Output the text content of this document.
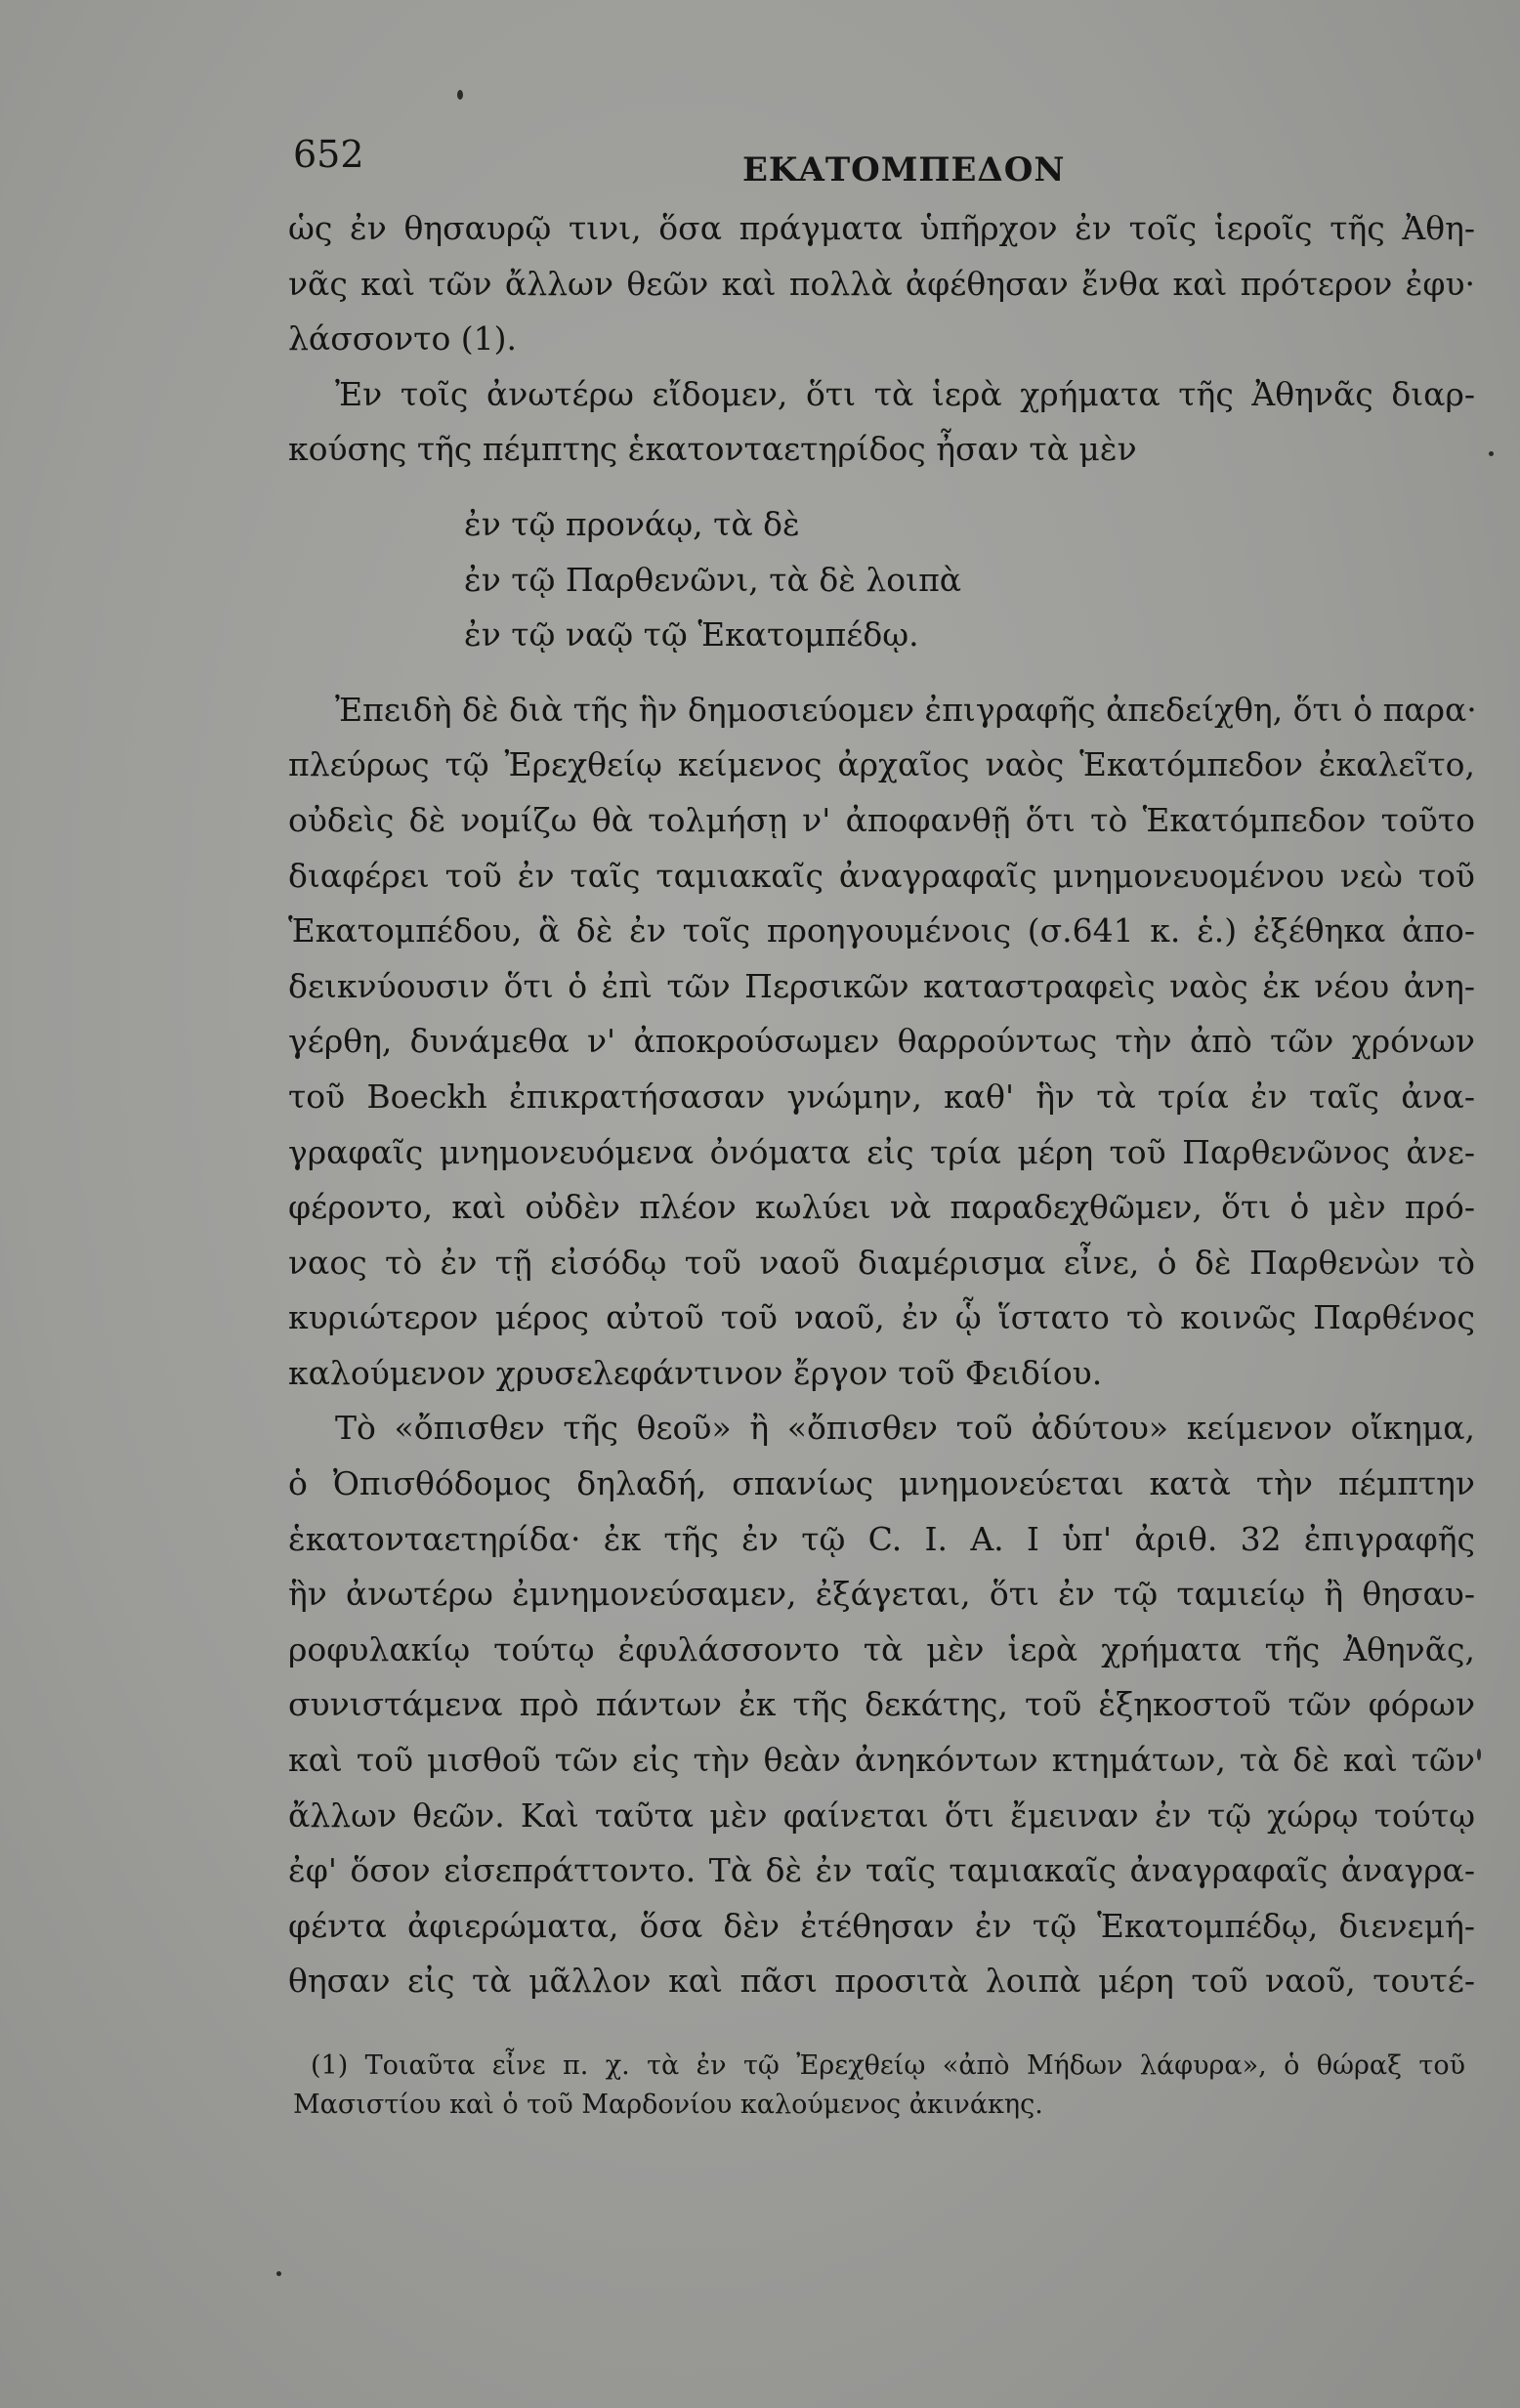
652	ΕΚΑΤΟΜΠΕΔΟΝ
ὡς ἐν θησαυρῷ τινι, ὅσα πράγματα ὑπῆρχον ἐν τοῖς ἱεροῖς τῆς Ἀθη-
νᾶς καὶ τῶν ἄλλων θεῶν καὶ πολλὰ ἀφέθησαν ἔνθα καὶ πρότερον ἐφυ·
λάσσοντο (1).
Ἐν τοῖς ἀνωτέρω εἴδομεν, ὅτι τὰ ἱερὰ χρήματα τῆς Ἀθηνᾶς διαρ-
κούσης τῆς πέμπτης ἑκατονταετηρίδος ἦσαν τὰ μὲν
ἐν τῷ προνάῳ, τὰ δὲ
ἐν τῷ Παρθενῶνι, τὰ δὲ λοιπὰ
ἐν τῷ ναῷ τῷ Ἑκατομπέδῳ.
Ἐπειδὴ δὲ διὰ τῆς ἣν δημοσιεύομεν ἐπιγραφῆς ἀπεδείχθη, ὅτι ὁ παρα·
πλεύρως τῷ Ἐρεχθείῳ κείμενος ἀρχαῖος ναὸς Ἑκατόμπεδον ἐκαλεῖτο,
οὐδεὶς δὲ νομίζω θὰ τολμήσῃ ν' ἀποφανθῇ ὅτι τὸ Ἑκατόμπεδον τοῦτο
διαφέρει τοῦ ἐν ταῖς ταμιακαῖς ἀναγραφαῖς μνημονευομένου νεὼ τοῦ
Ἑκατομπέδου, ἃ δὲ ἐν τοῖς προηγουμένοις (σ.641 κ. ἑ.) ἐξέθηκα ἀπο-
δεικνύουσιν ὅτι ὁ ἐπὶ τῶν Περσικῶν καταστραφεὶς ναὸς ἐκ νέου ἀνη-
γέρθη, δυνάμεθα ν' ἀποκρούσωμεν θαρρούντως τὴν ἀπὸ τῶν χρόνων
τοῦ Boeckh ἐπικρατήσασαν γνώμην, καθ' ἣν τὰ τρία ἐν ταῖς ἀνα-
γραφαῖς μνημονευόμενα ὀνόματα εἰς τρία μέρη τοῦ Παρθενῶνος ἀνε-
φέροντο, καὶ οὐδὲν πλέον κωλύει νὰ παραδεχθῶμεν, ὅτι ὁ μὲν πρό-
ναος τὸ ἐν τῇ εἰσόδῳ τοῦ ναοῦ διαμέρισμα εἶνε, ὁ δὲ Παρθενὼν τὸ
κυριώτερον μέρος αὐτοῦ τοῦ ναοῦ, ἐν ᾧ ἵστατο τὸ κοινῶς Παρθένος
καλούμενον χρυσελεφάντινον ἔργον τοῦ Φειδίου.
Τὸ «ὄπισθεν τῆς θεοῦ» ἢ «ὄπισθεν τοῦ ἀδύτου» κείμενον οἴκημα,
ὁ Ὀπισθόδομος δηλαδή, σπανίως μνημονεύεται κατὰ τὴν πέμπτην
ἑκατονταετηρίδα· ἐκ τῆς ἐν τῷ C. I. A. I ὑπ' ἀριθ. 32 ἐπιγραφῆς
ἣν ἀνωτέρω ἐμνημονεύσαμεν, ἐξάγεται, ὅτι ἐν τῷ ταμιείῳ ἢ θησαυ-
ροφυλακίῳ τούτῳ ἐφυλάσσοντο τὰ μὲν ἱερὰ χρήματα τῆς Ἀθηνᾶς,
συνιστάμενα πρὸ πάντων ἐκ τῆς δεκάτης, τοῦ ἑξηκοστοῦ τῶν φόρων
καὶ τοῦ μισθοῦ τῶν εἰς τὴν θεὰν ἀνηκόντων κτημάτων, τὰ δὲ καὶ τῶν
ἄλλων θεῶν. Καὶ ταῦτα μὲν φαίνεται ὅτι ἔμειναν ἐν τῷ χώρῳ τούτῳ
ἐφ' ὅσον εἰσεπράττοντο. Τὰ δὲ ἐν ταῖς ταμιακαῖς ἀναγραφαῖς ἀναγρα-
φέντα ἀφιερώματα, ὅσα δὲν ἐτέθησαν ἐν τῷ Ἑκατομπέδῳ, διενεμή-
θησαν εἰς τὰ μᾶλλον καὶ πᾶσι προσιτὰ λοιπὰ μέρη τοῦ ναοῦ, τουτέ-
(1) Τοιαῦτα εἶνε π. χ. τὰ ἐν τῷ Ἐρεχθείῳ «ἀπὸ Μήδων λάφυρα», ὁ θώραξ τοῦ
Μασιστίου καὶ ὁ τοῦ Μαρδονίου καλούμενος ἀκινάκης.
